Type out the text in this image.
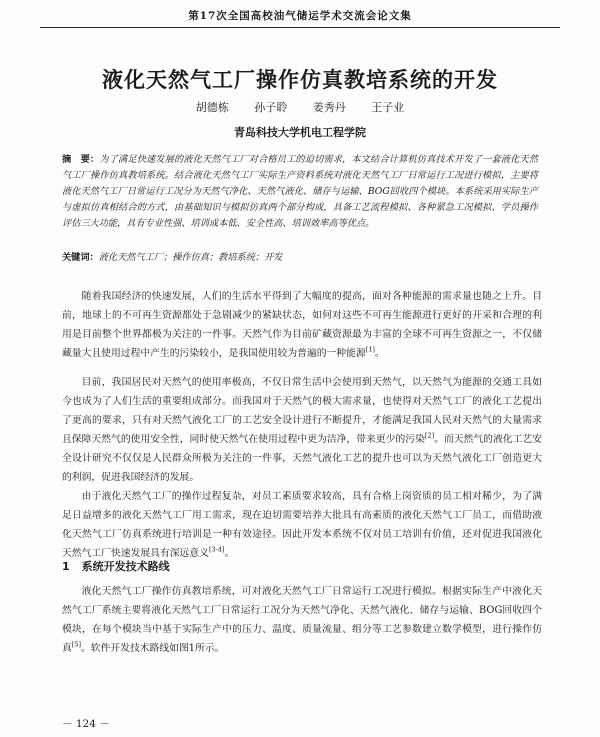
第17次全国高校油气储运学术交流会论文集
液化天然气工厂操作仿真教培系统的开发
胡德栋 孙子聆 姜秀丹 王子业
青岛科技大学机电工程学院
摘　要：为了满足快速发展的液化天然气工厂对合格员工的迫切需求，本文结合计算机仿真技术开发了一套液化天然气工厂操作仿真教培系统。结合液化天然气工厂实际生产资料系统对液化天然气工厂日常运行工况进行模拟，主要将液化天然气工厂日常运行工况分为天然气净化、天然气液化、储存与运输、BOG回收四个模块。本系统采用实际生产与虚拟仿真相结合的方式，由基础知识与模拟仿真两个部分构成，具备工艺流程模拟、各种紧急工况模拟、学员操作评估三大功能，具有专业性强、培训成本低、安全性高、培训效率高等优点。
关键词：液化天然气工厂；操作仿真；教培系统；开发

随着我国经济的快速发展，人们的生活水平得到了大幅度的提高，面对各种能源的需求量也随之上升。目前，地球上的不可再生资源都处于急剧减少的紧缺状态，如何对这些不可再生能源进行更好的开采和合理的利用是目前整个世界都极为关注的一件事。天然气作为目前矿藏资源最为丰富的全球不可再生资源之一，不仅储藏量大且使用过程中产生的污染较小，是我国使用较为普遍的一种能源[1]。

目前，我国居民对天然气的使用率极高，不仅日常生活中会使用到天然气，以天然气为能源的交通工具如今也成为了人们生活的重要组成部分。而我国对于天然气的极大需求量，也使得对天然气工厂的液化工艺提出了更高的要求，只有对天然气液化工厂的工艺安全设计进行不断提升，才能满足我国人民对天然气的大量需求且保障天然气的使用安全性，同时使天然气在使用过程中更为洁净，带来更少的污染[2]。而天然气的液化工艺安全设计研究不仅仅是人民群众所极为关注的一件事，天然气液化工艺的提升也可以为天然气液化工厂创造更大的利润，促进我国经济的发展。

由于液化天然气工厂的操作过程复杂，对员工素质要求较高，具有合格上岗资质的员工相对稀少，为了满足日益增多的液化天然气工厂用工需求，现在迫切需要培养大批具有高素质的液化天然气工厂员工，而借助液化天然气工厂仿真系统进行培训是一种有效途径。因此开发本系统不仅对员工培训有价值，还对促进我国液化天然气工厂快速发展具有深远意义[3-4]。

1 系统开发技术路线

液化天然气工厂操作仿真教培系统，可对液化天然气工厂日常运行工况进行模拟。根据实际生产中液化天然气工厂系统主要将液化天然气工厂日常运行工况分为天然气净化、天然气液化、储存与运输、BOG回收四个模块，在每个模块当中基于实际生产中的压力、温度、质量流量、组分等工艺参数建立数学模型，进行操作仿真[5]。软件开发技术路线如图1所示。

－ 124 －
